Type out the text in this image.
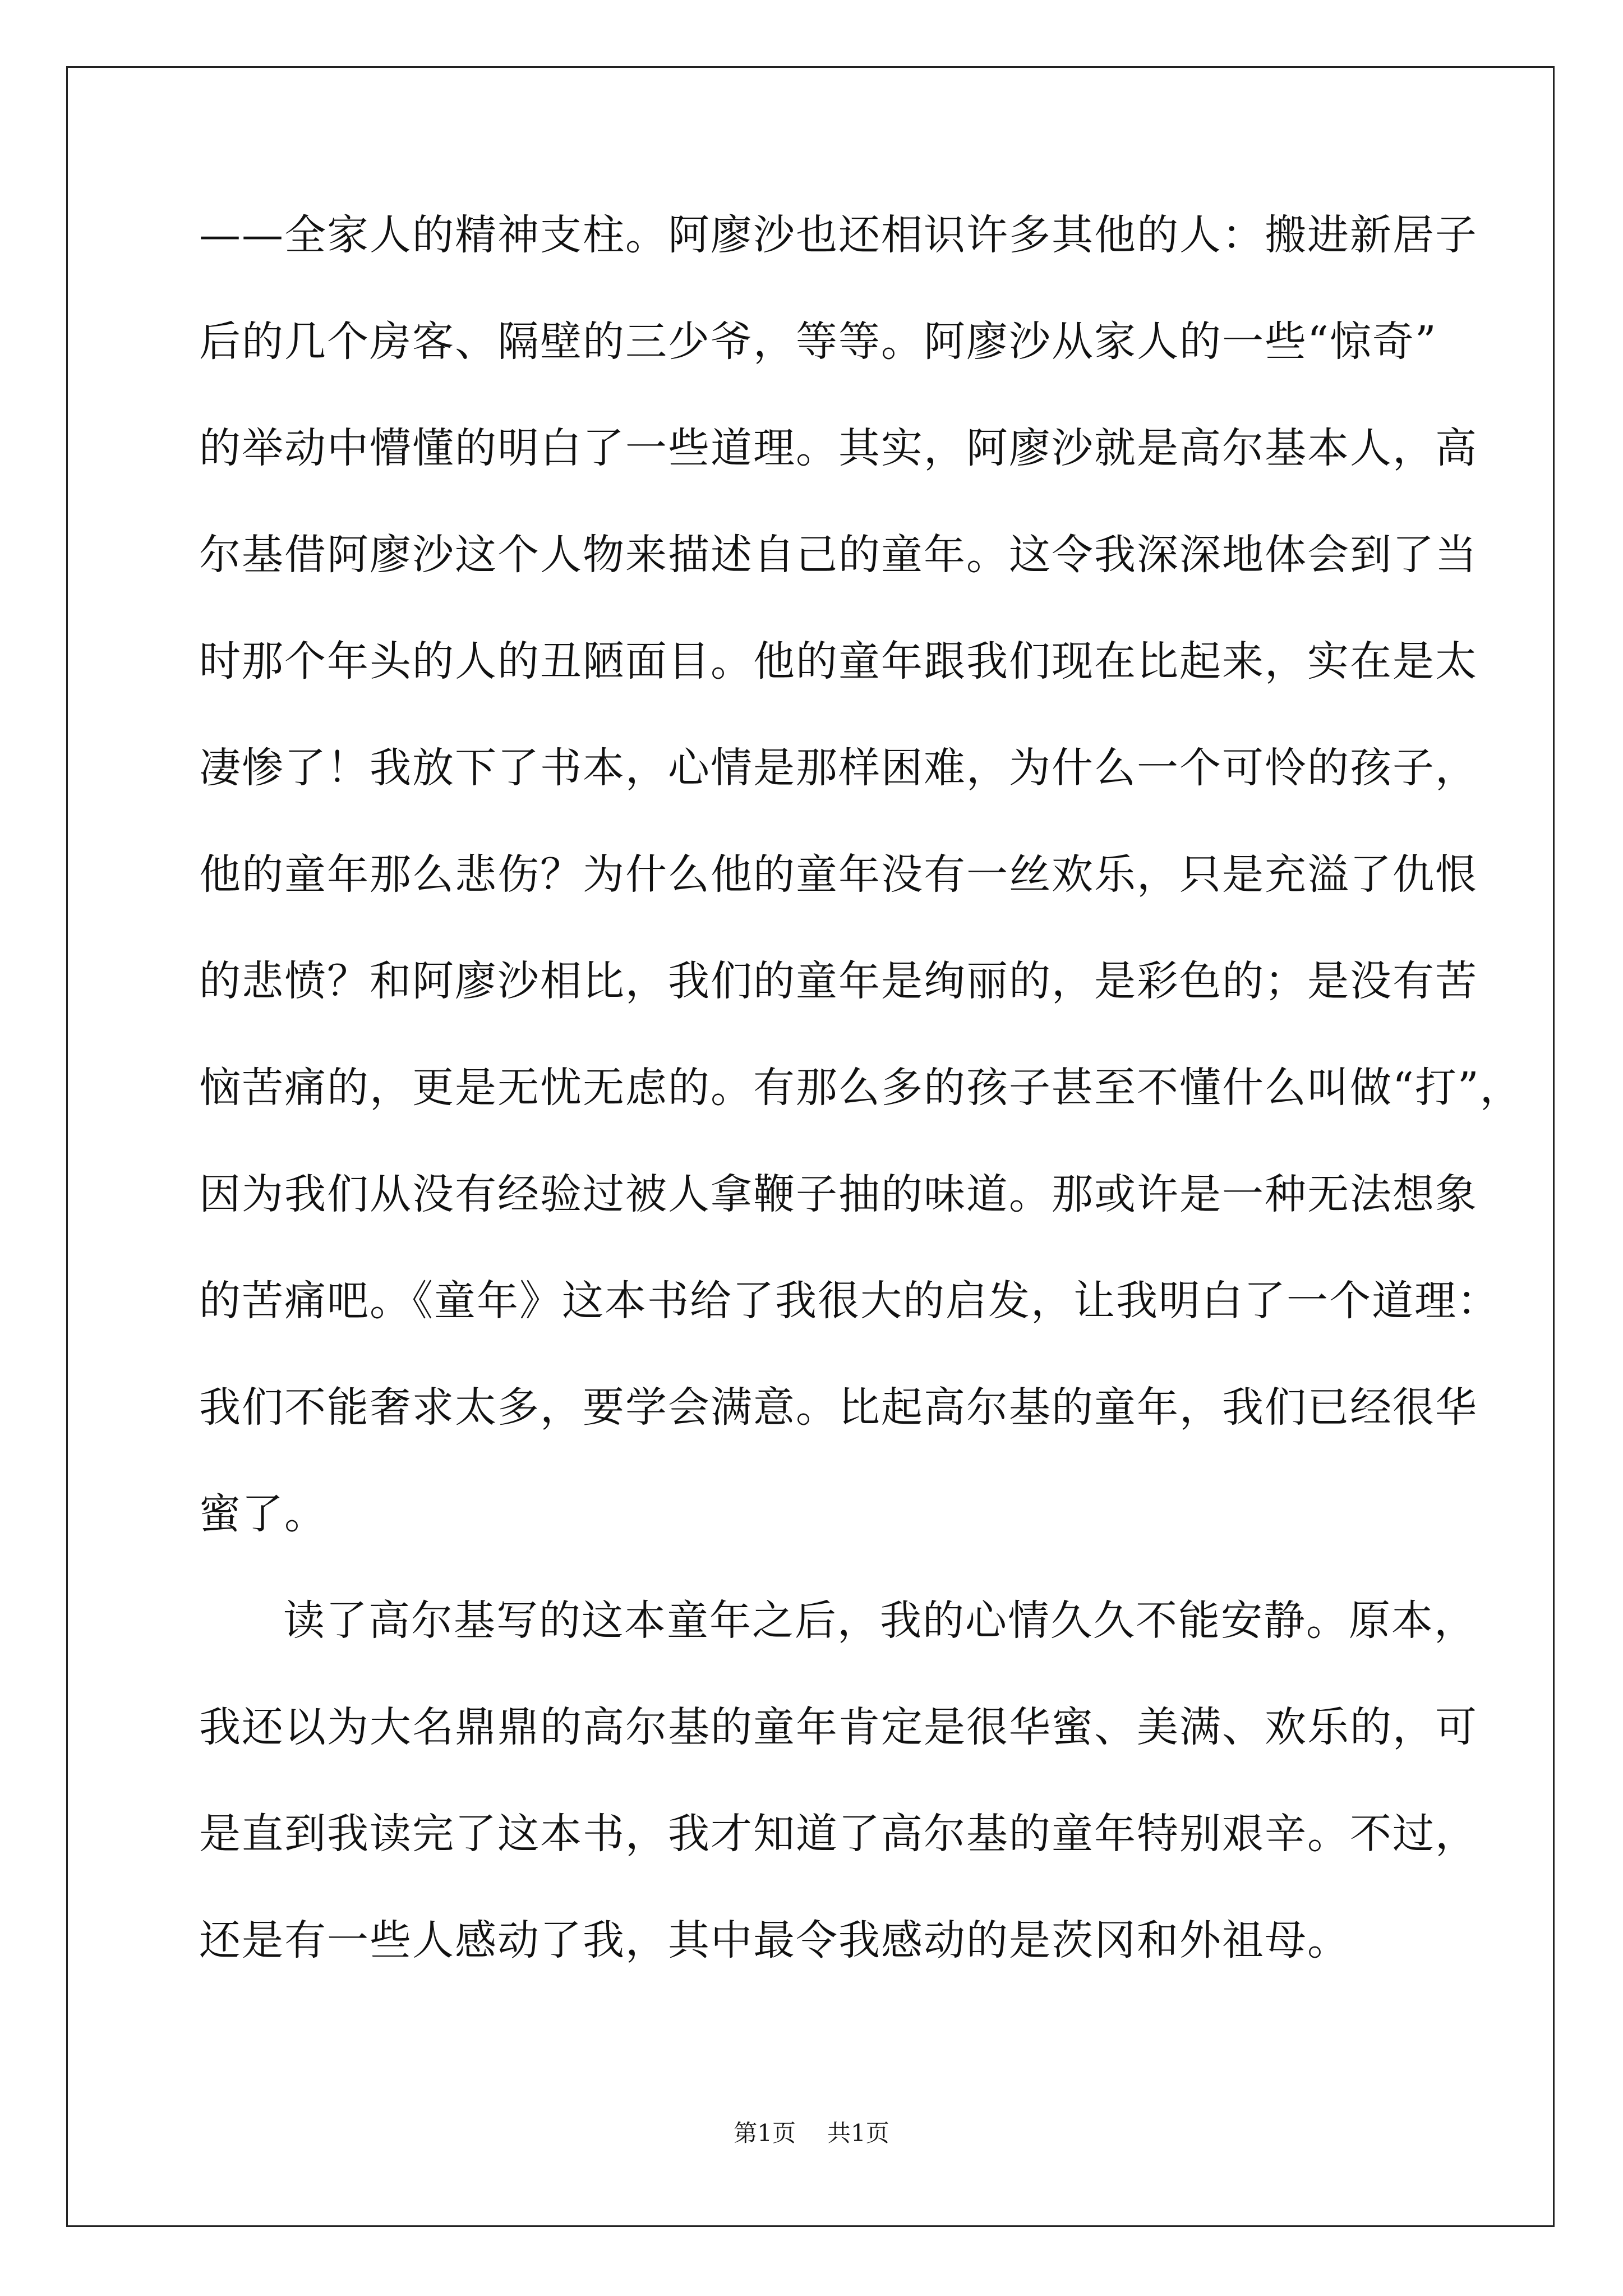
——全家人的精神支柱。阿廖沙也还相识许多其他的人：搬进新居子
后的几个房客、隔壁的三少爷，等等。阿廖沙从家人的一些“惊奇”
的举动中懵懂的明白了一些道理。其实，阿廖沙就是高尔基本人，高
尔基借阿廖沙这个人物来描述自己的童年。这令我深深地体会到了当
时那个年头的人的丑陋面目。他的童年跟我们现在比起来，实在是太
凄惨了！我放下了书本，心情是那样困难，为什么一个可怜的孩子，
他的童年那么悲伤？为什么他的童年没有一丝欢乐，只是充溢了仇恨
的悲愤？和阿廖沙相比，我们的童年是绚丽的，是彩色的；是没有苦
恼苦痛的，更是无忧无虑的。有那么多的孩子甚至不懂什么叫做“打”，
因为我们从没有经验过被人拿鞭子抽的味道。那或许是一种无法想象
的苦痛吧。《童年》这本书给了我很大的启发，让我明白了一个道理：
我们不能奢求太多，要学会满意。比起高尔基的童年，我们已经很华
蜜了。
读了高尔基写的这本童年之后，我的心情久久不能安静。原本，
我还以为大名鼎鼎的高尔基的童年肯定是很华蜜、美满、欢乐的，可
是直到我读完了这本书，我才知道了高尔基的童年特别艰辛。不过，
还是有一些人感动了我，其中最令我感动的是茨冈和外祖母。
第1页 共1页
